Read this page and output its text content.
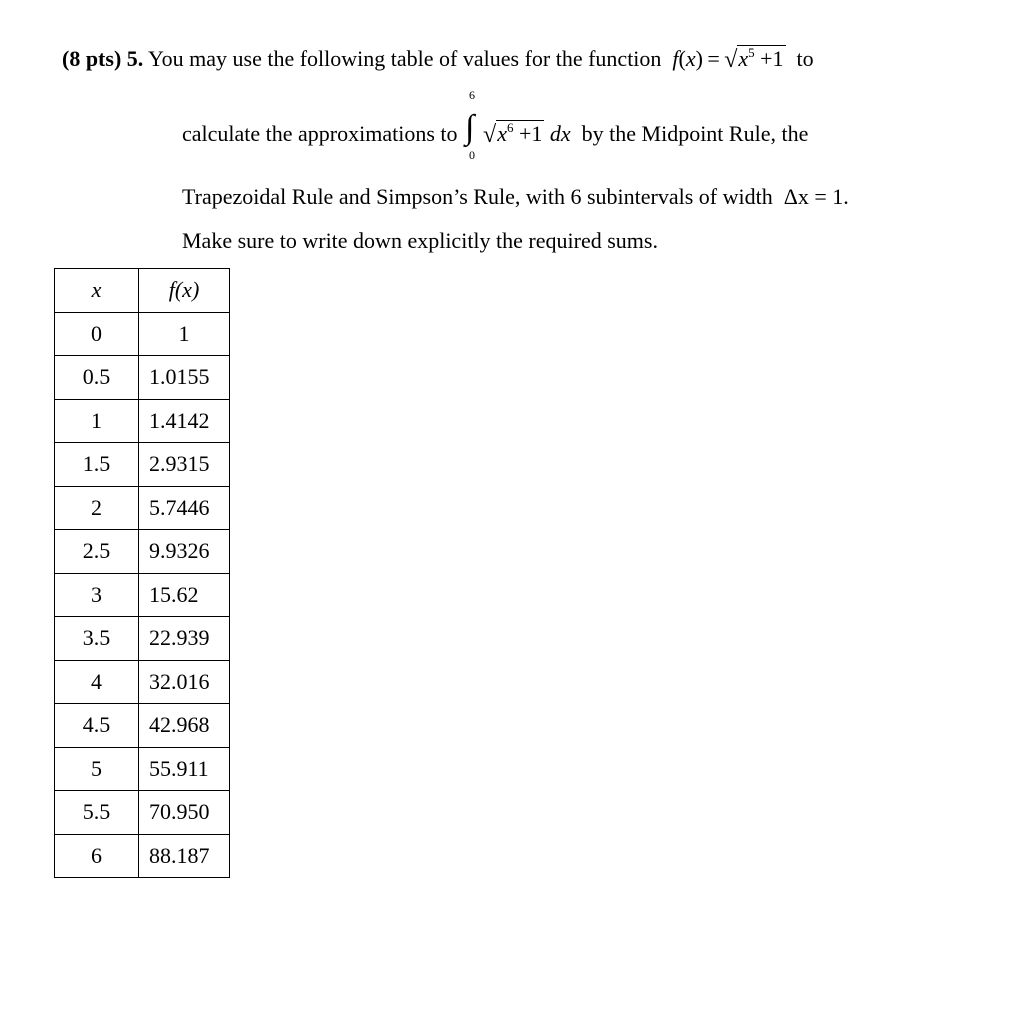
(8 pts) 5. You may use the following table of values for the function $f(x) = √x^5 +1$ to
calculate the approximations to
6
∫
0
$√x^6 +1$ dx by the Midpoint Rule, the
Trapezoidal Rule and Simpson’s Rule, with 6 subintervals of width Δx = 1.
Make sure to write down explicitly the required sums.
x	f(x)
0	1
0.5	1.0155
1	1.4142
1.5	2.9315
2	5.7446
2.5	9.9326
3	15.62
3.5	22.939
4	32.016
4.5	42.968
5	55.911
5.5	70.950
6	88.187
